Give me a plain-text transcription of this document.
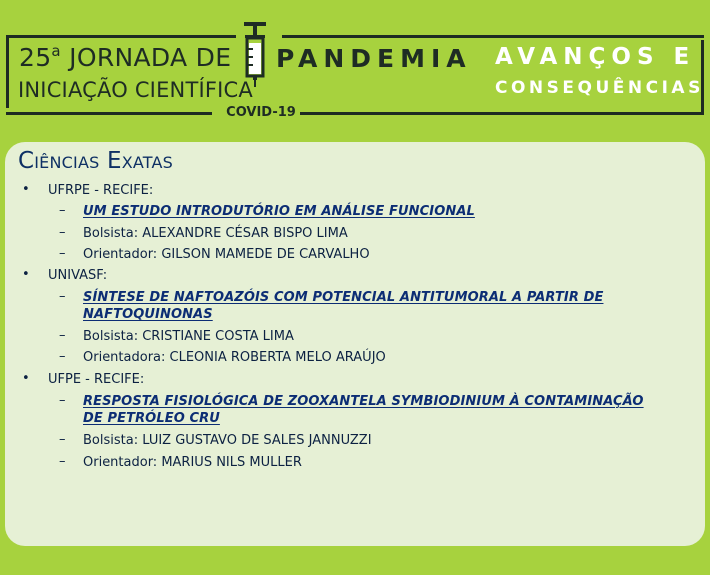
25$^a$ JORNADA DE
INICIAÇÃO CIENTÍFICA
COVID-19
PANDEMIA AVANÇOS E
CONSEQUÊNCIAS
Ciências Exatas
• UFRPE - RECIFE:
– UM ESTUDO INTRODUTÓRIO EM ANÁLISE FUNCIONAL
– Bolsista: ALEXANDRE CÉSAR BISPO LIMA
– Orientador: GILSON MAMEDE DE CARVALHO
• UNIVASF:
– SÍNTESE DE NAFTOAZÓIS COM POTENCIAL ANTITUMORAL A PARTIR DE
NAFTOQUINONAS
– Bolsista: CRISTIANE COSTA LIMA
– Orientadora: CLEONIA ROBERTA MELO ARAÚJO
• UFPE - RECIFE:
– RESPOSTA FISIOLÓGICA DE ZOOXANTELA SYMBIODINIUM À CONTAMINAÇÃO
DE PETRÓLEO CRU
– Bolsista: LUIZ GUSTAVO DE SALES JANNUZZI
– Orientador: MARIUS NILS MULLER
